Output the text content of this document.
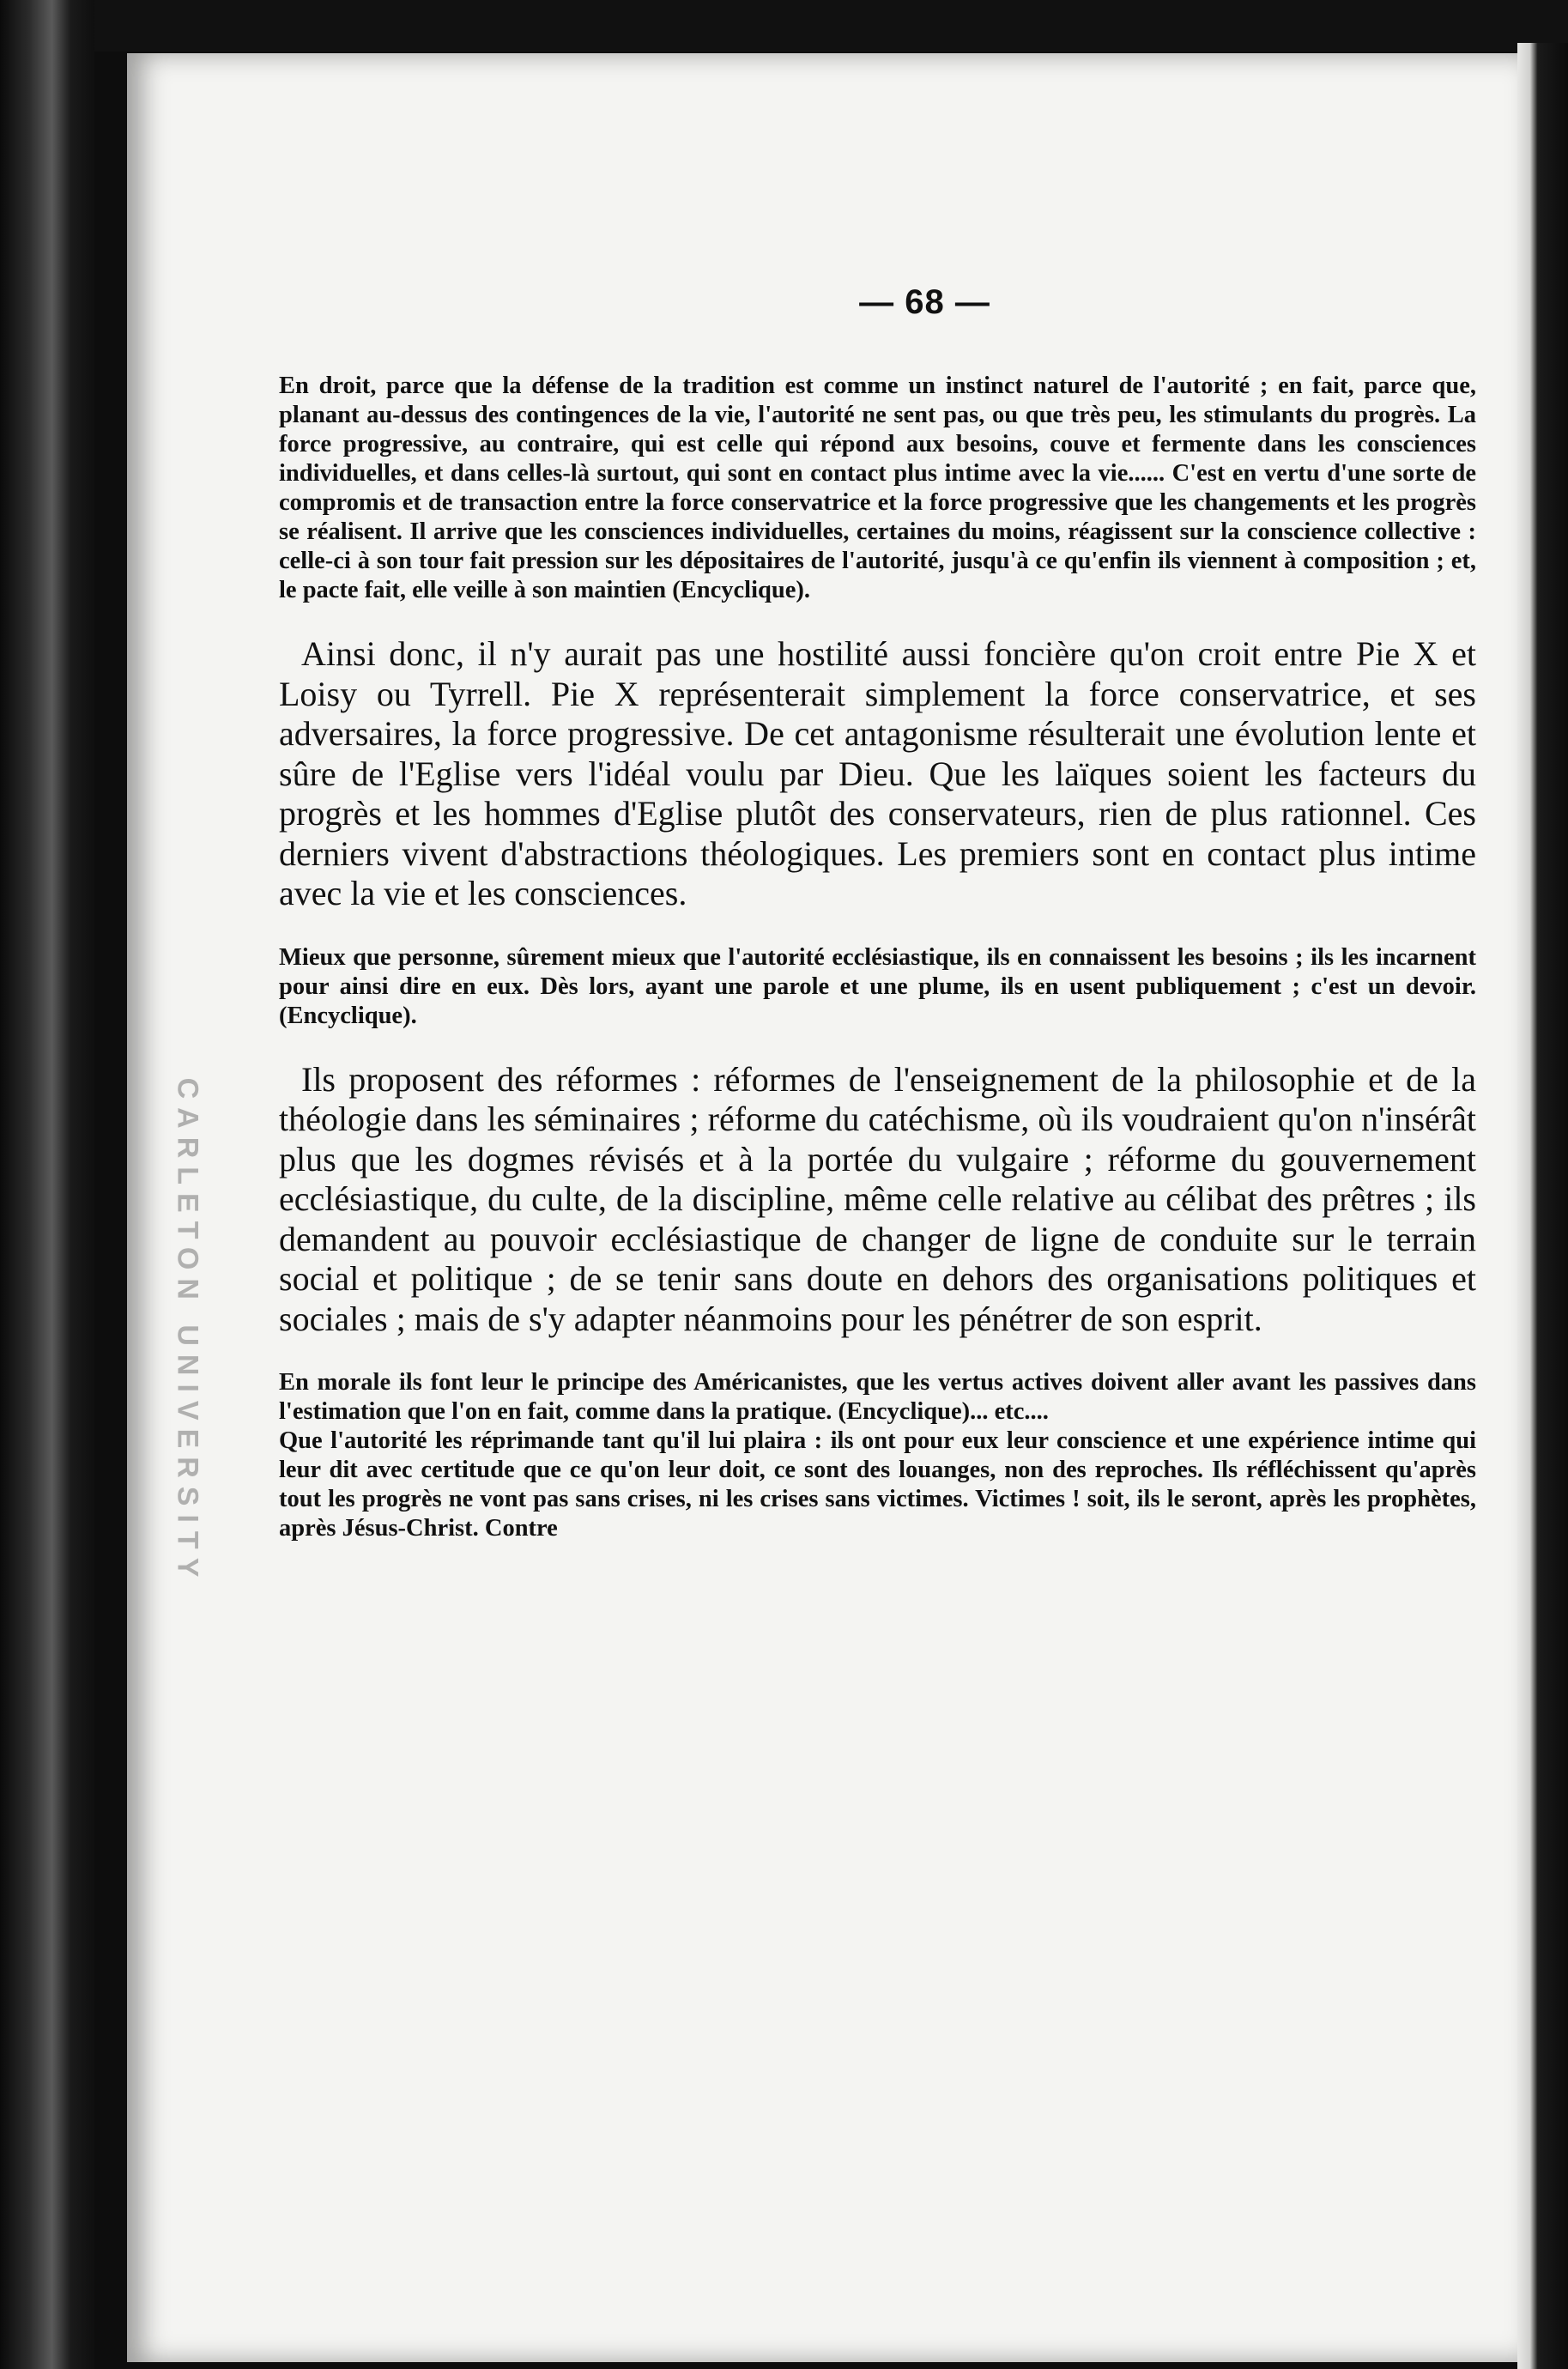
CARLETON UNIVERSITY
— 68 —

En droit, parce que la défense de la tradition est comme un instinct naturel de l'autorité ; en fait, parce que, planant au-dessus des contingences de la vie, l'autorité ne sent pas, ou que très peu, les stimulants du progrès. La force progressive, au contraire, qui est celle qui répond aux besoins, couve et fermente dans les consciences individuelles, et dans celles-là surtout, qui sont en contact plus intime avec la vie...... C'est en vertu d'une sorte de compromis et de transaction entre la force conservatrice et la force progressive que les changements et les progrès se réalisent. Il arrive que les consciences individuelles, certaines du moins, réagissent sur la conscience collective : celle-ci à son tour fait pression sur les dépositaires de l'autorité, jusqu'à ce qu'enfin ils viennent à composition ; et, le pacte fait, elle veille à son maintien (Encyclique).

Ainsi donc, il n'y aurait pas une hostilité aussi foncière qu'on croit entre Pie X et Loisy ou Tyrrell. Pie X représenterait simplement la force conservatrice, et ses adversaires, la force progressive. De cet antagonisme résulterait une évolution lente et sûre de l'Eglise vers l'idéal voulu par Dieu. Que les laïques soient les facteurs du progrès et les hommes d'Eglise plutôt des conservateurs, rien de plus rationnel. Ces derniers vivent d'abstractions théologiques. Les premiers sont en contact plus intime avec la vie et les consciences.

Mieux que personne, sûrement mieux que l'autorité ecclésiastique, ils en connaissent les besoins ; ils les incarnent pour ainsi dire en eux. Dès lors, ayant une parole et une plume, ils en usent publiquement ; c'est un devoir. (Encyclique).

Ils proposent des réformes : réformes de l'enseignement de la philosophie et de la théologie dans les séminaires ; réforme du catéchisme, où ils voudraient qu'on n'insérât plus que les dogmes révisés et à la portée du vulgaire ; réforme du gouvernement ecclésiastique, du culte, de la discipline, même celle relative au célibat des prêtres ; ils demandent au pouvoir ecclésiastique de changer de ligne de conduite sur le terrain social et politique ; de se tenir sans doute en dehors des organisations politiques et sociales ; mais de s'y adapter néanmoins pour les pénétrer de son esprit.

En morale ils font leur le principe des Américanistes, que les vertus actives doivent aller avant les passives dans l'estimation que l'on en fait, comme dans la pratique. (Encyclique)... etc....

Que l'autorité les réprimande tant qu'il lui plaira : ils ont pour eux leur conscience et une expérience intime qui leur dit avec certitude que ce qu'on leur doit, ce sont des louanges, non des reproches. Ils réfléchissent qu'après tout les progrès ne vont pas sans crises, ni les crises sans victimes. Victimes ! soit, ils le seront, après les prophètes, après Jésus-Christ. Contre
